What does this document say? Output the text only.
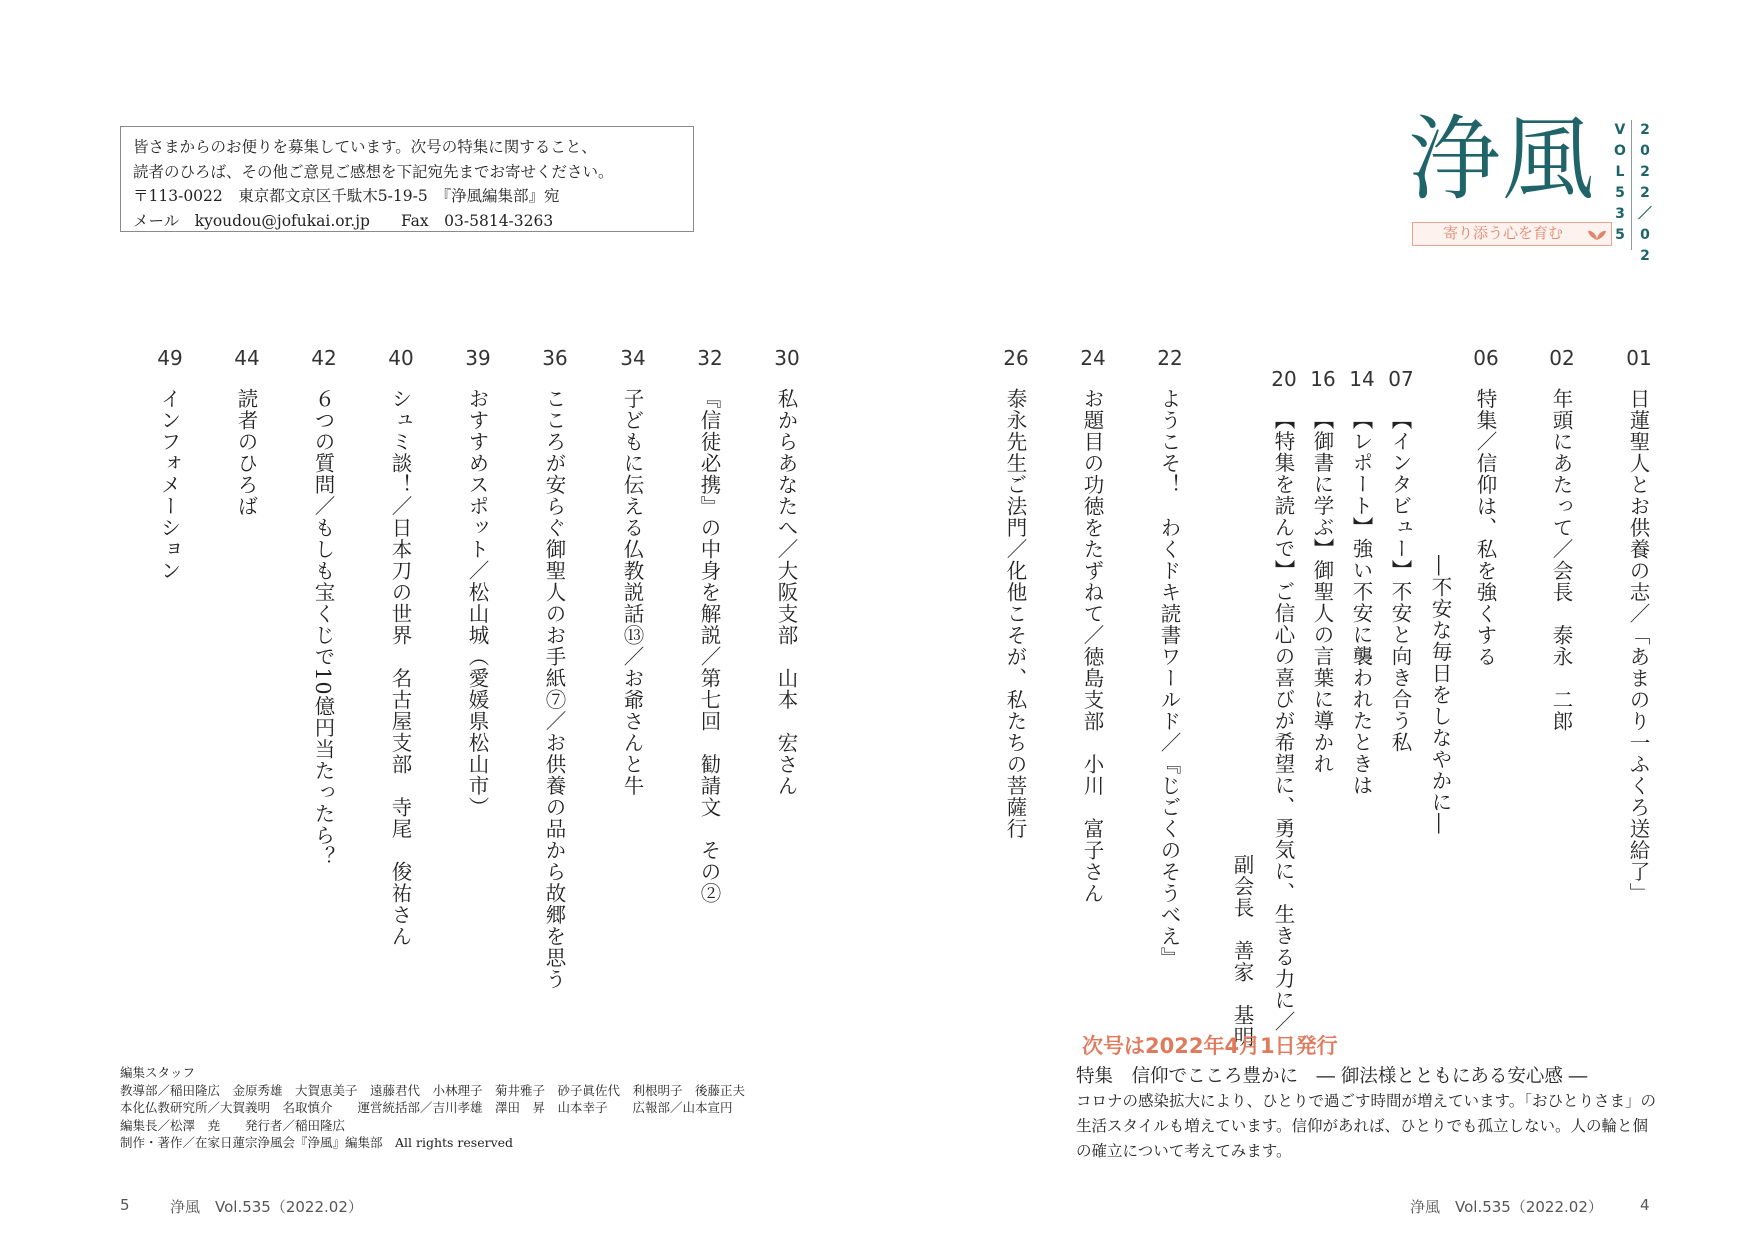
皆さまからのお便りを募集しています。次号の特集に関すること、
読者のひろば、その他ご意見ご感想を下記宛先までお寄せください。
〒113-0022　東京都文京区千駄木5-19-5　『浄風編集部』宛
メール　kyoudou@jofukai.or.jp　　Fax　03-5814-3263
浄風
寄り添う心を育む
V
O
L
5
3
5
2
0
2
2
／
0
2
49
インフォメーション
44
読者のひろば
42
６つの質問／もしも宝くじで10億円当たったら？
40
シュミ談！／日本刀の世界　名古屋支部　寺尾　俊祐さん
39
おすすめスポット／松山城（愛媛県松山市）
36
こころが安らぐ御聖人のお手紙⑦／お供養の品から故郷を思う
34
子どもに伝える仏教説話⑬／お爺さんと牛
32
『信徒必携』の中身を解説／第七回　勧請文　その②
30
私からあなたへ／大阪支部　山本　宏さん
26
泰永先生ご法門／化他こそが、私たちの菩薩行
24
お題目の功徳をたずねて／徳島支部　小川　富子さん
22
ようこそ！　わくドキ読書ワールド／『じごくのそうべえ』
20
【特集を読んで】ご信心の喜びが希望に、勇気に、生きる力に／
副会長　善家　基明
16
【御書に学ぶ】御聖人の言葉に導かれ
14
【レポート】強い不安に襲われたときは
07
【インタビュー】不安と向き合う私 ―不安な毎日をしなやかに―
06
特集／信仰は、私を強くする
02
年頭にあたって／会長　泰永　二郎
01
日蓮聖人とお供養の志／「あまのり一ふくろ送給了」
次号は2022年4月1日発行
特集　信仰でこころ豊かに　― 御法様とともにある安心感 ―
コロナの感染拡大により、ひとりで過ごす時間が増えています。「おひとりさま」の生活スタイルも増えています。信仰があれば、ひとりでも孤立しない。人の輪と個の確立について考えてみます。
編集スタッフ
教導部／稲田隆広　金原秀雄　大賀恵美子　遠藤君代　小林理子　菊井雅子　砂子眞佐代　利根明子　後藤正夫
本化仏教研究所／大賀義明　名取慎介　　運営統括部／吉川孝雄　澤田　昇　山本幸子　　広報部／山本宣円
編集長／松澤　尭　　発行者／稲田隆広
制作・著作／在家日蓮宗浄風会『浄風』編集部　All rights reserved
5	浄風　Vol.535（2022.02）	浄風　Vol.535（2022.02） 4
